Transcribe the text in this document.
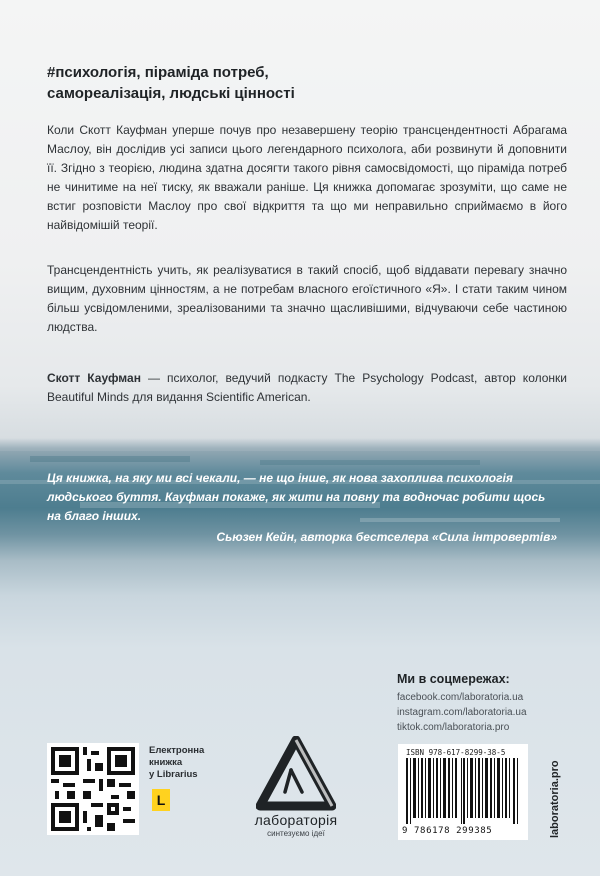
#психологія, піраміда потреб,
самореалізація, людські цінності

Коли Скотт Кауфман уперше почув про незавершену теорію трансцендентності Абрагама Маслоу, він дослідив усі записи цього легендарного психолога, аби розвинути й доповнити її. Згідно з теорією, людина здатна досягти такого рівня самосвідомості, що піраміда потреб не чинитиме на неї тиску, як вважали раніше. Ця книжка допомагає зрозуміти, що саме не встиг розповісти Маслоу про свої відкриття та що ми неправильно сприймаємо в його найвідомішій теорії.

Трансцендентність учить, як реалізуватися в такий спосіб, щоб віддавати перевагу значно вищим, духовним цінностям, а не потребам власного егоїстичного «Я». І стати таким чином більш усвідомленими, зреалізованими та значно щасливішими, відчуваючи себе частиною людства.

Скотт Кауфман — психолог, ведучий подкасту The Psychology Podcast, автор колонки Beautiful Minds для видання Scientific American.

Ця книжка, на яку ми всі чекали, — не що інше, як нова захоплива психологія людського буття. Кауфман покаже, як жити на повну та водночас робити щось на благо інших.
Сьюзен Кейн, авторка бестселера «Сила інтровертів»
Ми в соцмережах:
facebook.com/laboratoria.ua
instagram.com/laboratoria.ua
tiktok.com/laboratoria.pro
Електронна
книжка
у Librarius
L
лабораторія
синтезуємо ідеї
ISBN 978-617-8299-38-5
9 786178 299385	laboratoria.pro
